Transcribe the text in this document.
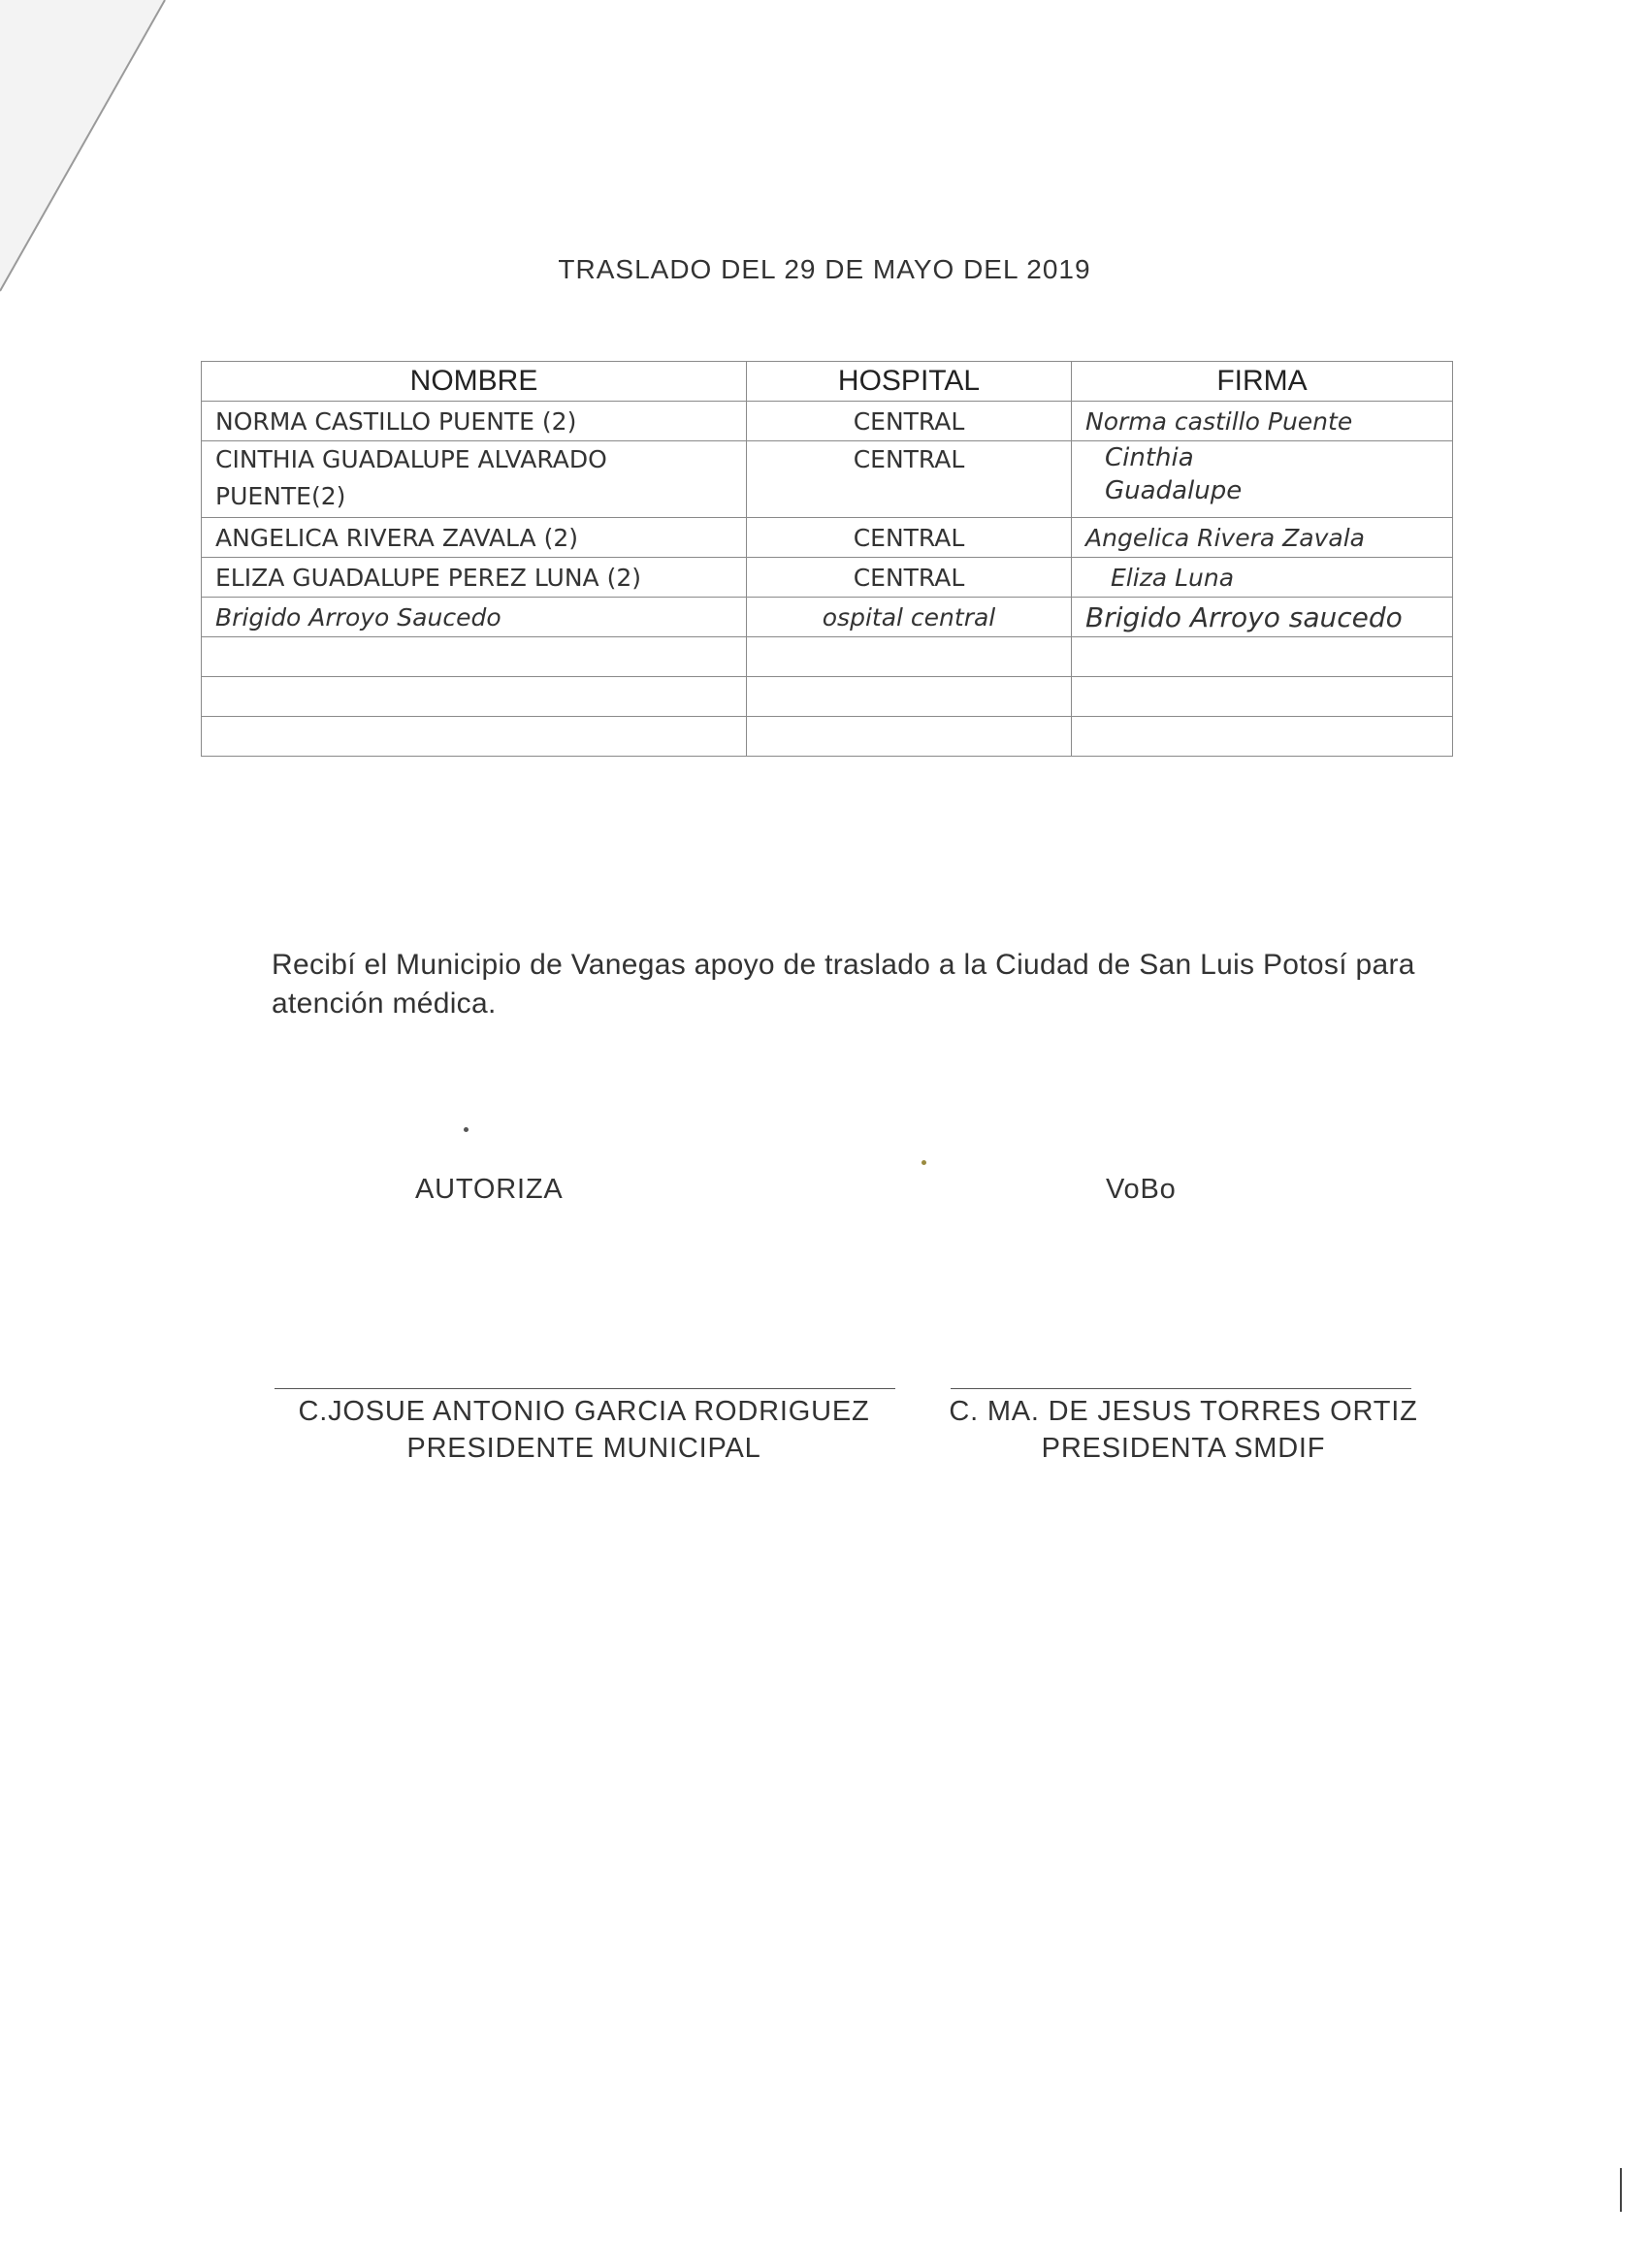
TRASLADO DEL 29 DE MAYO DEL 2019
NOMBRE	HOSPITAL	FIRMA
NORMA CASTILLO PUENTE (2)	CENTRAL	Norma castillo Puente
CINTHIA GUADALUPE ALVARADO PUENTE(2)	CENTRAL	Cinthia
Guadalupe

ANGELICA RIVERA ZAVALA (2)	CENTRAL	Angelica Rivera Zavala
ELIZA GUADALUPE PEREZ LUNA (2)	CENTRAL	Eliza Luna
Brigido Arroyo Saucedo	ospital central	Brigido Arroyo saucedo

Recibí el Municipio de Vanegas apoyo de traslado a la Ciudad de San Luis Potosí para atención médica.
AUTORIZA	VoBo
C.JOSUE ANTONIO GARCIA RODRIGUEZ
PRESIDENTE MUNICIPAL
C. MA. DE JESUS TORRES ORTIZ
PRESIDENTA SMDIF
